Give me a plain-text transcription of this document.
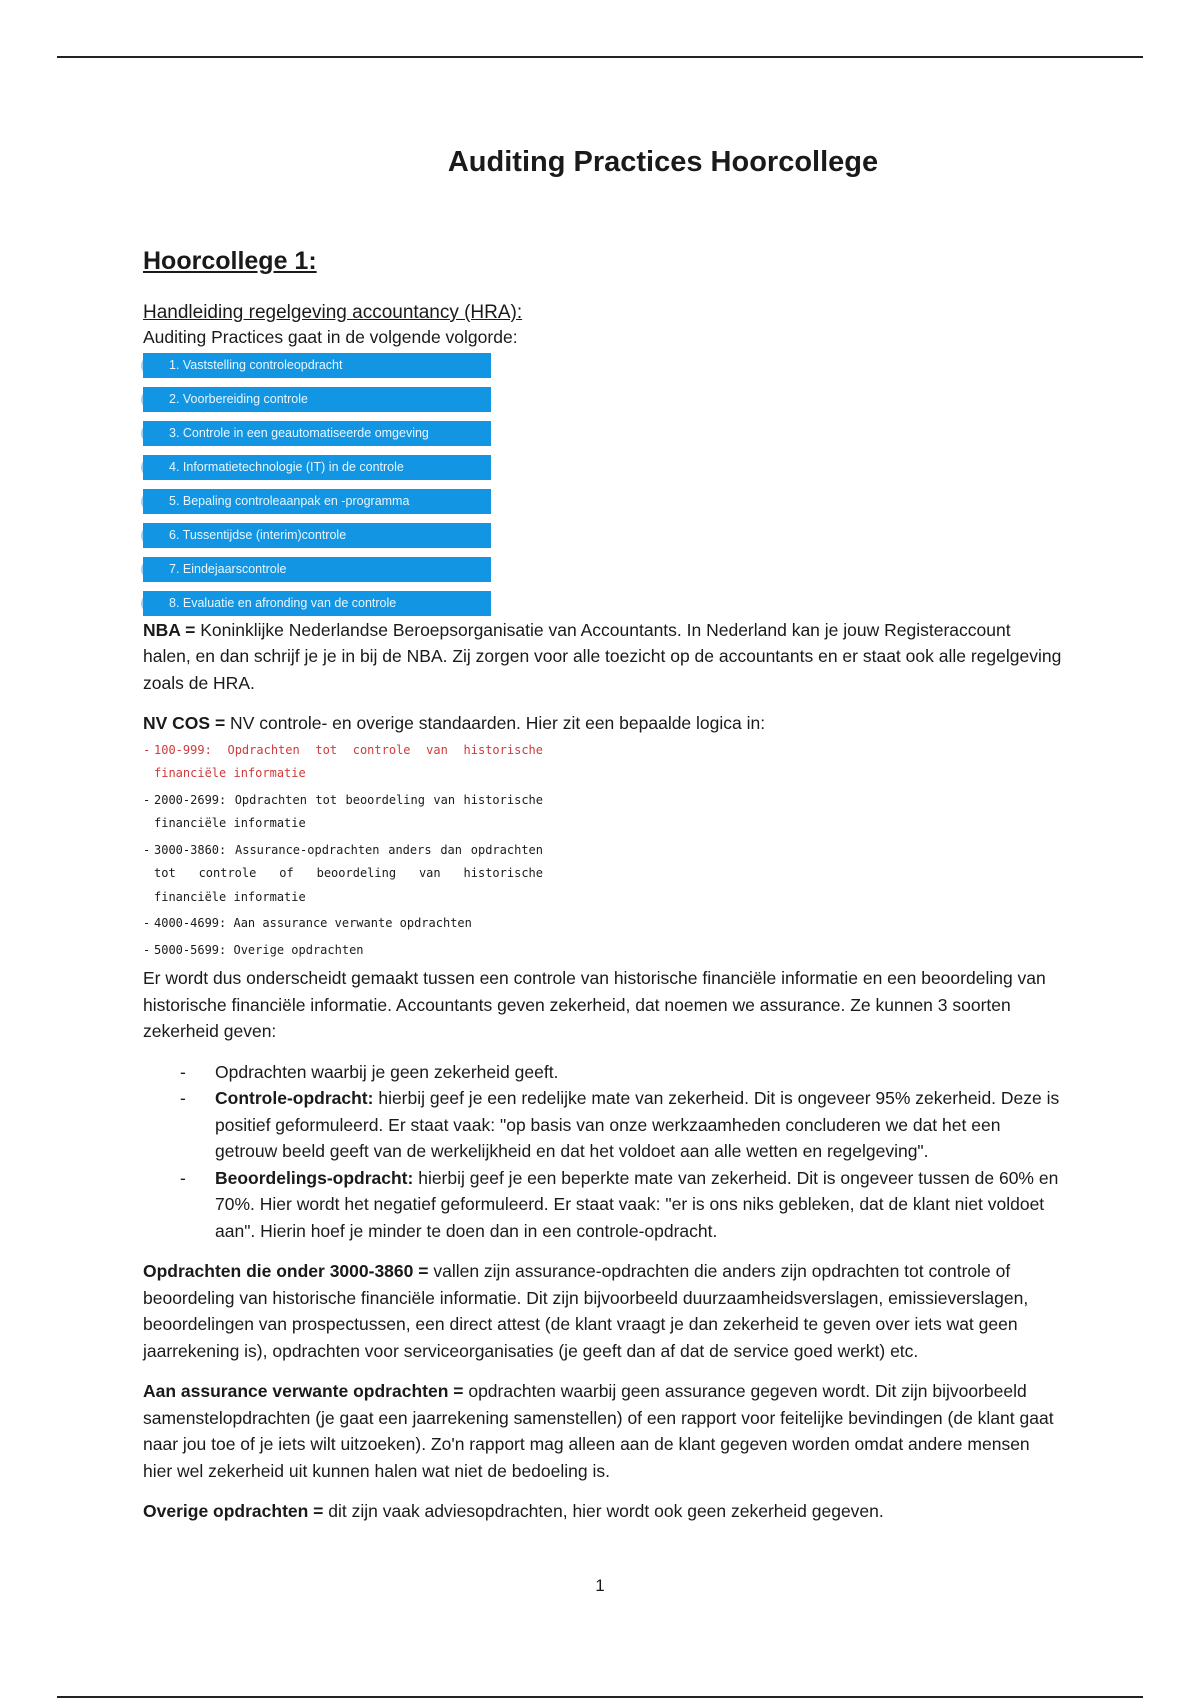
Auditing Practices Hoorcollege
Hoorcollege 1:
Handleiding regelgeving accountancy (HRA):

Auditing Practices gaat in de volgende volgorde:

1. Vaststelling controleopdracht
2. Voorbereiding controle
3. Controle in een geautomatiseerde omgeving
4. Informatietechnologie (IT) in de controle
5. Bepaling controleaanpak en -programma
6. Tussentijdse (interim)controle
7. Eindejaarscontrole
8. Evaluatie en afronding van de controle

NBA = Koninklijke Nederlandse Beroepsorganisatie van Accountants. In Nederland kan je jouw Registeraccount halen, en dan schrijf je je in bij de NBA. Zij zorgen voor alle toezicht op de accountants en er staat ook alle regelgeving zoals de HRA.

NV COS = NV controle- en overige standaarden. Hier zit een bepaalde logica in:

- 100-999: Opdrachten tot controle van historische financiële informatie
- 2000-2699: Opdrachten tot beoordeling van historische financiële informatie
- 3000-3860: Assurance-opdrachten anders dan opdrachten tot controle of beoordeling van historische financiële informatie
- 4000-4699: Aan assurance verwante opdrachten
- 5000-5699: Overige opdrachten

Er wordt dus onderscheidt gemaakt tussen een controle van historische financiële informatie en een beoordeling van historische financiële informatie. Accountants geven zekerheid, dat noemen we assurance. Ze kunnen 3 soorten zekerheid geven:

- Opdrachten waarbij je geen zekerheid geeft.
- Controle-opdracht: hierbij geef je een redelijke mate van zekerheid. Dit is ongeveer 95% zekerheid. Deze is positief geformuleerd. Er staat vaak: "op basis van onze werkzaamheden concluderen we dat het een getrouw beeld geeft van de werkelijkheid en dat het voldoet aan alle wetten en regelgeving".
- Beoordelings-opdracht: hierbij geef je een beperkte mate van zekerheid. Dit is ongeveer tussen de 60% en 70%. Hier wordt het negatief geformuleerd. Er staat vaak: "er is ons niks gebleken, dat de klant niet voldoet aan". Hierin hoef je minder te doen dan in een controle-opdracht.

Opdrachten die onder 3000-3860 = vallen zijn assurance-opdrachten die anders zijn opdrachten tot controle of beoordeling van historische financiële informatie. Dit zijn bijvoorbeeld duurzaamheidsverslagen, emissieverslagen, beoordelingen van prospectussen, een direct attest (de klant vraagt je dan zekerheid te geven over iets wat geen jaarrekening is), opdrachten voor serviceorganisaties (je geeft dan af dat de service goed werkt) etc.

Aan assurance verwante opdrachten = opdrachten waarbij geen assurance gegeven wordt. Dit zijn bijvoorbeeld samenstelopdrachten (je gaat een jaarrekening samenstellen) of een rapport voor feitelijke bevindingen (de klant gaat naar jou toe of je iets wilt uitzoeken). Zo'n rapport mag alleen aan de klant gegeven worden omdat andere mensen hier wel zekerheid uit kunnen halen wat niet de bedoeling is.

Overige opdrachten = dit zijn vaak adviesopdrachten, hier wordt ook geen zekerheid gegeven.

1
